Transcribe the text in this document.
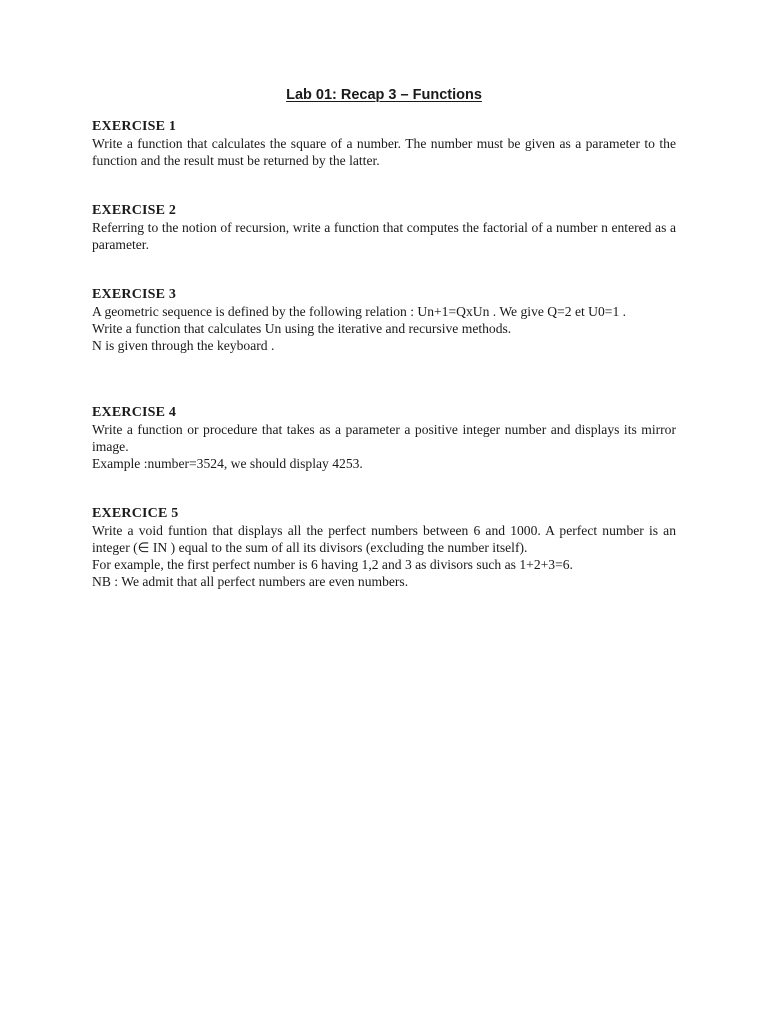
Lab 01: Recap 3 – Functions

EXERCISE 1

Write a function that calculates the square of a number. The number must be given as a parameter to the function and the result must be returned by the latter.

EXERCISE 2

Referring to the notion of recursion, write a function that computes the factorial of a number n entered as a parameter.

EXERCISE 3

A geometric sequence is defined by the following relation : Un+1=QxUn . We give Q=2 et U0=1 .

Write a function that calculates Un using the iterative and recursive methods.

N is given through the keyboard .

EXERCISE 4

Write a function or procedure that takes as a parameter a positive integer number and displays its mirror image.

Example :number=3524, we should display 4253.

EXERCICE 5

Write a void funtion that displays all the perfect numbers between 6 and 1000. A perfect number is an integer (∈ IN ) equal to the sum of all its divisors (excluding the number itself).

For example, the first perfect number is 6 having 1,2 and 3 as divisors such as 1+2+3=6.

NB : We admit that all perfect numbers are even numbers.
